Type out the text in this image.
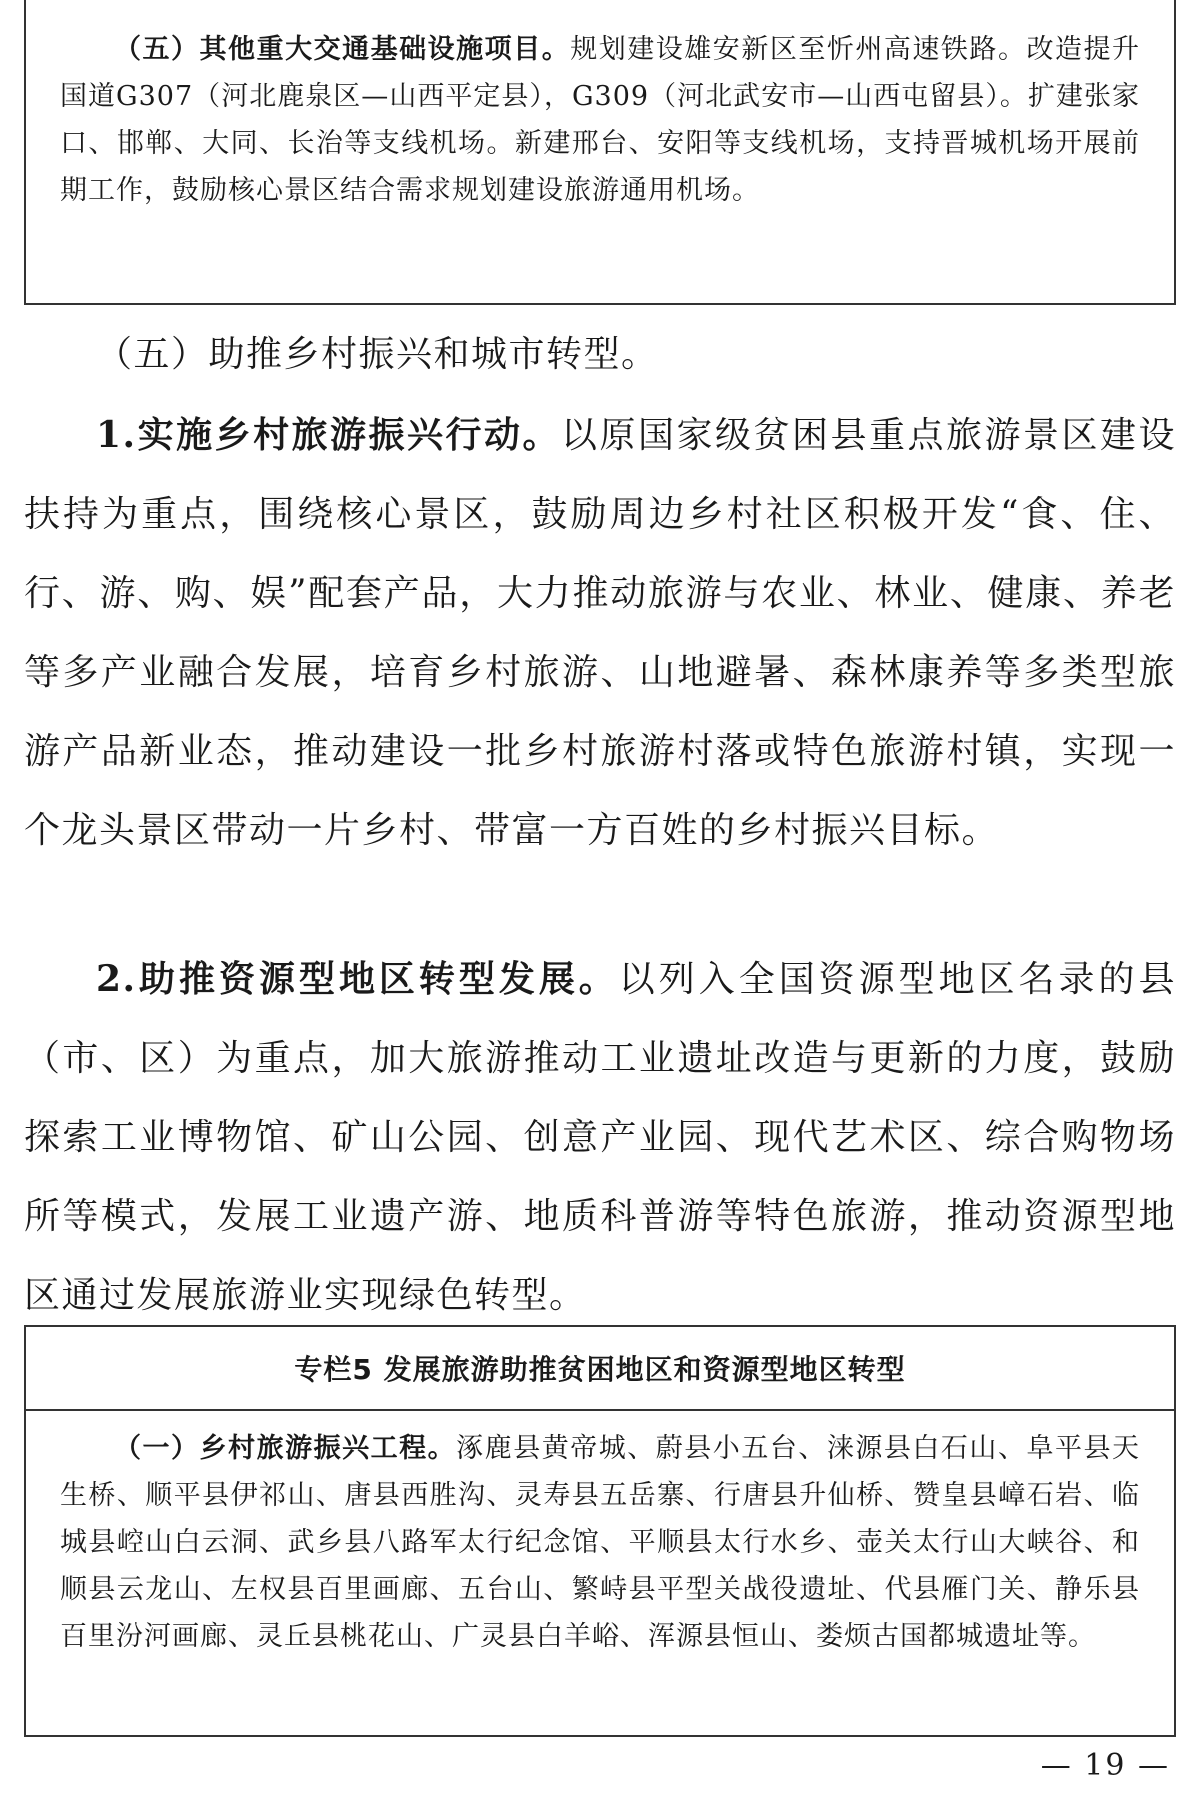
（五）其他重大交通基础设施项目。规划建设雄安新区至忻州高速铁路。改造提升国道G307（河北鹿泉区—山西平定县），G309（河北武安市—山西屯留县）。扩建张家口、邯郸、大同、长治等支线机场。新建邢台、安阳等支线机场，支持晋城机场开展前期工作，鼓励核心景区结合需求规划建设旅游通用机场。

（五）助推乡村振兴和城市转型。

1.实施乡村旅游振兴行动。以原国家级贫困县重点旅游景区建设扶持为重点，围绕核心景区，鼓励周边乡村社区积极开发“食、住、行、游、购、娱”配套产品，大力推动旅游与农业、林业、健康、养老等多产业融合发展，培育乡村旅游、山地避暑、森林康养等多类型旅游产品新业态，推动建设一批乡村旅游村落或特色旅游村镇，实现一个龙头景区带动一片乡村、带富一方百姓的乡村振兴目标。

2.助推资源型地区转型发展。以列入全国资源型地区名录的县（市、区）为重点，加大旅游推动工业遗址改造与更新的力度，鼓励探索工业博物馆、矿山公园、创意产业园、现代艺术区、综合购物场所等模式，发展工业遗产游、地质科普游等特色旅游，推动资源型地区通过发展旅游业实现绿色转型。

专栏5 发展旅游助推贫困地区和资源型地区转型

（一）乡村旅游振兴工程。涿鹿县黄帝城、蔚县小五台、涞源县白石山、阜平县天生桥、顺平县伊祁山、唐县西胜沟、灵寿县五岳寨、行唐县升仙桥、赞皇县嶂石岩、临城县崆山白云洞、武乡县八路军太行纪念馆、平顺县太行水乡、壶关太行山大峡谷、和顺县云龙山、左权县百里画廊、五台山、繁峙县平型关战役遗址、代县雁门关、静乐县百里汾河画廊、灵丘县桃花山、广灵县白羊峪、浑源县恒山、娄烦古国都城遗址等。

— 19 —
